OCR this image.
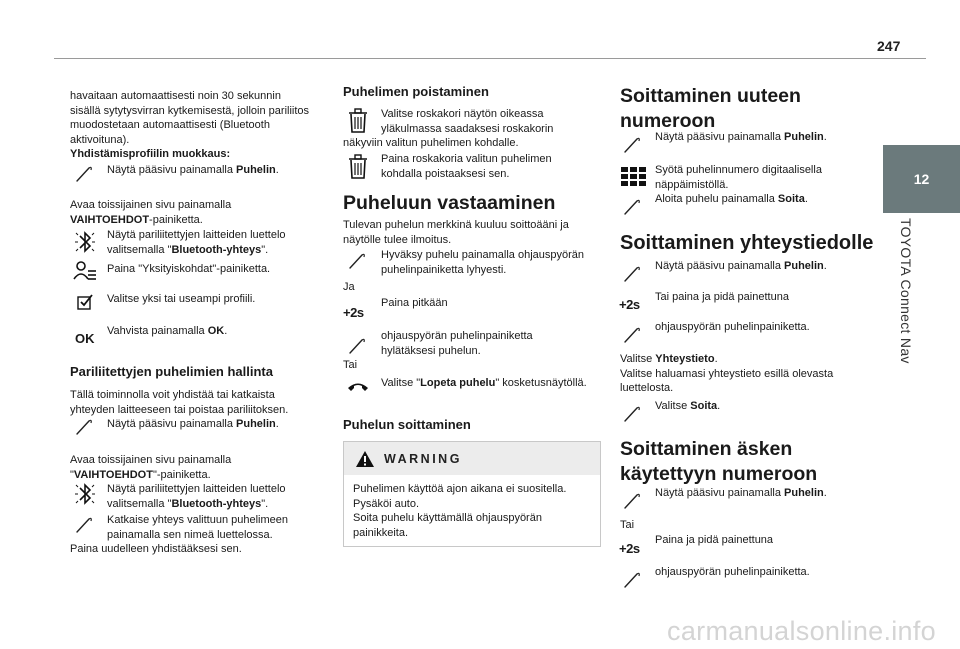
247
12
TOYOTA Connect Nav
havaitaan automaattisesti noin 30 sekunnin
sisällä sytytysvirran kytkemisestä, jolloin pariliitos
muodostetaan automaattisesti (Bluetooth
aktivoituna).
Yhdistämisprofiilin muokkaus:
Näytä pääsivu painamalla Puhelin.
Avaa toissijainen sivu painamalla
VAIHTOEHDOT-painiketta.
Näytä pariliitettyjen laitteiden luettelo
valitsemalla "Bluetooth-yhteys".
Paina "Yksityiskohdat"-painiketta.
Valitse yksi tai useampi profiili.
OK Vahvista painamalla OK.
Pariliitettyjen puhelimien hallinta
Tällä toiminnolla voit yhdistää tai katkaista
yhteyden laitteeseen tai poistaa pariliitoksen.
Näytä pääsivu painamalla Puhelin.
Avaa toissijainen sivu painamalla
"VAIHTOEHDOT"-painiketta.
Näytä pariliitettyjen laitteiden luettelo
valitsemalla "Bluetooth-yhteys".
Katkaise yhteys valittuun puhelimeen
painamalla sen nimeä luettelossa.
Paina uudelleen yhdistääksesi sen.
Puhelimen poistaminen
Valitse roskakori näytön oikeassa
yläkulmassa saadaksesi roskakorin
näkyviin valitun puhelimen kohdalle.
Paina roskakoria valitun puhelimen
kohdalla poistaaksesi sen.
Puheluun vastaaminen
Tulevan puhelun merkkinä kuuluu soittoääni ja
näytölle tulee ilmoitus.
Hyväksy puhelu painamalla ohjauspyörän
puhelinpainiketta lyhyesti.
Ja
+2s
Paina pitkään
ohjauspyörän puhelinpainiketta
hylätäksesi puhelun.
Tai
Valitse "Lopeta puhelu" kosketusnäytöllä.
Puhelun soittaminen
WARNING
Puhelimen käyttöä ajon aikana ei suositella.
Pysäköi auto.
Soita puhelu käyttämällä ohjauspyörän
painikkeita.
Soittaminen uuteen
numeroon
Näytä pääsivu painamalla Puhelin.
Syötä puhelinnumero digitaalisella
näppäimistöllä.
Aloita puhelu painamalla Soita.
Soittaminen yhteystiedolle
Näytä pääsivu painamalla Puhelin.
+2s Tai paina ja pidä painettuna
ohjauspyörän puhelinpainiketta.
Valitse Yhteystieto.
Valitse haluamasi yhteystieto esillä olevasta
luettelosta.
Valitse Soita.
Soittaminen äsken
käytettyyn numeroon
Näytä pääsivu painamalla Puhelin.
Tai
+2s
Paina ja pidä painettuna
ohjauspyörän puhelinpainiketta.
carmanualsonline.info
